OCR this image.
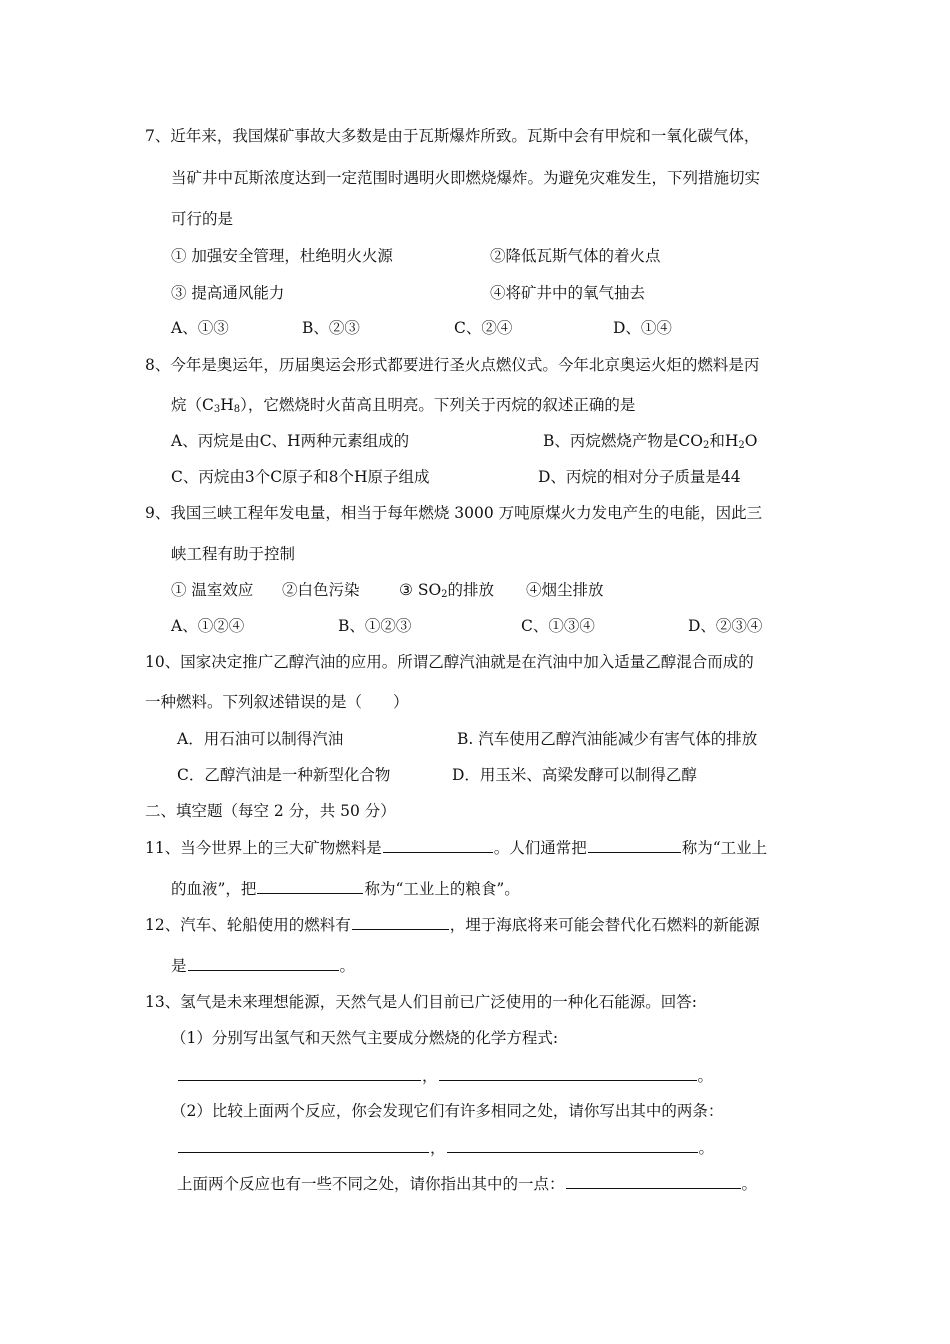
7、近年来，我国煤矿事故大多数是由于瓦斯爆炸所致。瓦斯中会有甲烷和一氧化碳气体，
当矿井中瓦斯浓度达到一定范围时遇明火即燃烧爆炸。为避免灾难发生，下列措施切实
可行的是
① 加强安全管理，杜绝明火火源	②降低瓦斯气体的着火点
③ 提高通风能力	④将矿井中的氧气抽去
A、①③	B、②③	C、②④	D、①④
8、今年是奥运年，历届奥运会形式都要进行圣火点燃仪式。今年北京奥运火炬的燃料是丙
烷$(C_3H_8)$，它燃烧时火苗高且明亮。下列关于丙烷的叙述正确的是
A、丙烷是由C、H两种元素组成的	B、丙烷燃烧产物是$CO_2$和$H_2O$
C、丙烷由3个C原子和8个H原子组成	D、丙烷的相对分子质量是44
9、我国三峡工程年发电量，相当于每年燃烧 3000 万吨原煤火力发电产生的电能，因此三
峡工程有助于控制
① 温室效应 ②白色污染	③ $SO_2$的排放 ④烟尘排放
A、①②④	B、①②③	C、①③④	D、②③④
10、国家决定推广乙醇汽油的应用。所谓乙醇汽油就是在汽油中加入适量乙醇混合而成的
一种燃料。下列叙述错误的是（　　）
A．用石油可以制得汽油	B. 汽车使用乙醇汽油能减少有害气体的排放
C．乙醇汽油是一种新型化合物	D．用玉米、高梁发酵可以制得乙醇
二、填空题（每空 2 分，共 50 分）
11、当今世界上的三大矿物燃料是	。人们通常把	称为“工业上
的血液”，把	称为“工业上的粮食”。
12、汽车、轮船使用的燃料有	，埋于海底将来可能会替代化石燃料的新能源
是	。
13、氢气是未来理想能源，天然气是人们目前已广泛使用的一种化石能源。回答:
（1）分别写出氢气和天然气主要成分燃烧的化学方程式:
，	。
（2）比较上面两个反应，你会发现它们有许多相同之处，请你写出其中的两条：
，	。
上面两个反应也有一些不同之处，请你指出其中的一点：	。
